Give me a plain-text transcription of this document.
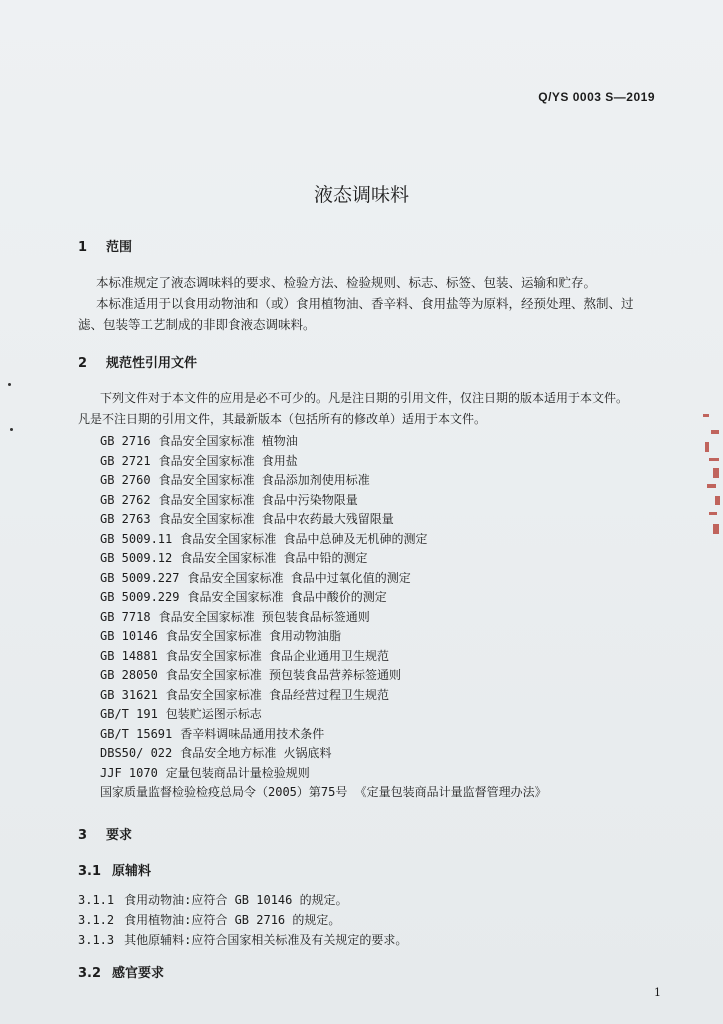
Q/YS 0003 S—2019
液态调味料
1 范围
本标准规定了液态调味料的要求、检验方法、检验规则、标志、标签、包装、运输和贮存。
本标准适用于以食用动物油和（或）食用植物油、香辛料、食用盐等为原料，经预处理、熬制、过
滤、包装等工艺制成的非即食液态调味料。
2 规范性引用文件
下列文件对于本文件的应用是必不可少的。凡是注日期的引用文件，仅注日期的版本适用于本文件。
凡是不注日期的引用文件，其最新版本（包括所有的修改单）适用于本文件。
GB 2716 食品安全国家标准 植物油
GB 2721 食品安全国家标准 食用盐
GB 2760 食品安全国家标准 食品添加剂使用标准
GB 2762 食品安全国家标准 食品中污染物限量
GB 2763 食品安全国家标准 食品中农药最大残留限量
GB 5009.11 食品安全国家标准 食品中总砷及无机砷的测定
GB 5009.12 食品安全国家标准 食品中铅的测定
GB 5009.227 食品安全国家标准 食品中过氧化值的测定
GB 5009.229 食品安全国家标准 食品中酸价的测定
GB 7718 食品安全国家标准 预包装食品标签通则
GB 10146 食品安全国家标准 食用动物油脂
GB 14881 食品安全国家标准 食品企业通用卫生规范
GB 28050 食品安全国家标准 预包装食品营养标签通则
GB 31621 食品安全国家标准 食品经营过程卫生规范
GB/T 191 包装贮运图示标志
GB/T 15691 香辛料调味品通用技术条件
DBS50/ 022 食品安全地方标准 火锅底料
JJF 1070 定量包装商品计量检验规则
国家质量监督检验检疫总局令（2005）第75号 《定量包装商品计量监督管理办法》
3 要求
3.1 原辅料
3.1.1 食用动物油:应符合 GB 10146 的规定。
3.1.2 食用植物油:应符合 GB 2716 的规定。
3.1.3 其他原辅料:应符合国家相关标准及有关规定的要求。
3.2 感官要求
1
